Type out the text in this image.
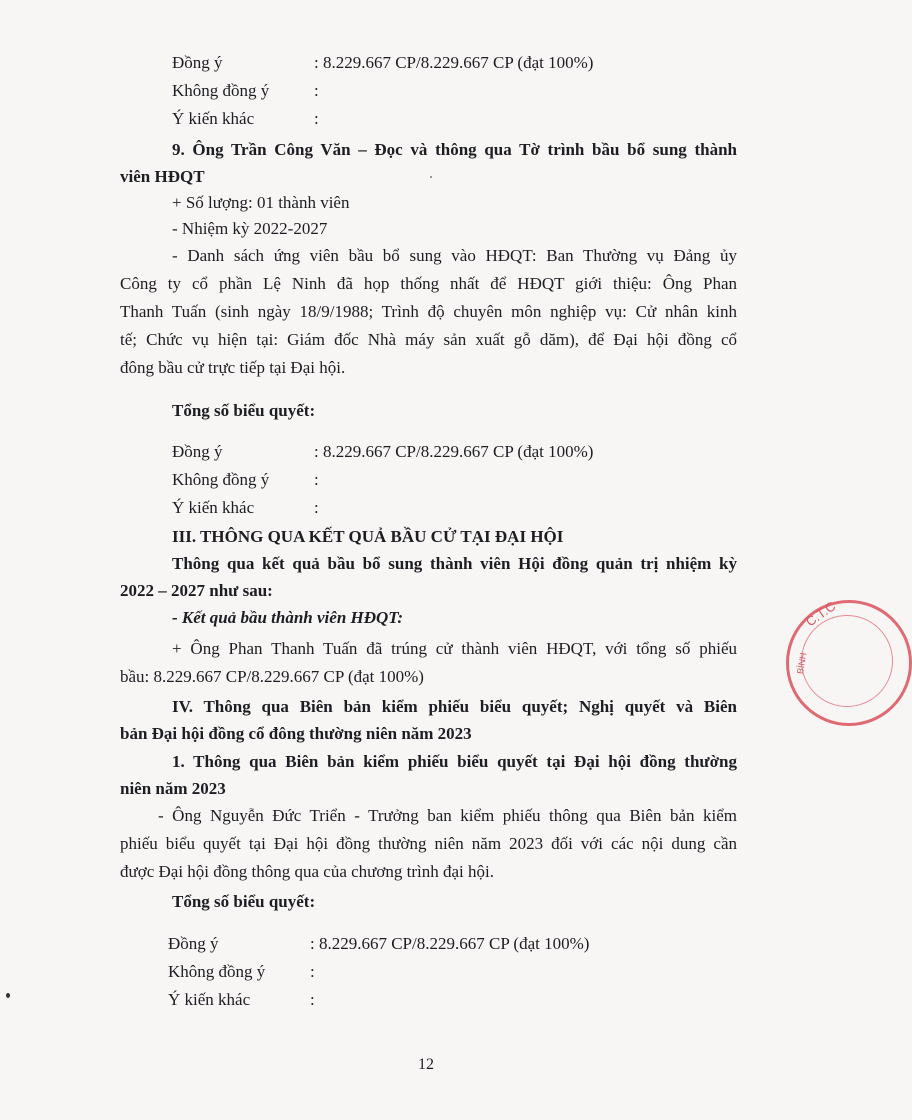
Đồng ý	: 8.229.667 CP/8.229.667 CP (đạt 100%)
Không đồng ý	:
Ý kiến khác	:
9. Ông Trần Công Văn – Đọc và thông qua Tờ trình bầu bổ sung thành
viên HĐQT
+ Số lượng: 01 thành viên
- Nhiệm kỳ 2022-2027
- Danh sách ứng viên bầu bổ sung vào HĐQT: Ban Thường vụ Đảng ủy
Công ty cổ phần Lệ Ninh đã họp thống nhất để HĐQT giới thiệu: Ông Phan
Thanh Tuấn (sinh ngày 18/9/1988; Trình độ chuyên môn nghiệp vụ: Cử nhân kinh
tế; Chức vụ hiện tại: Giám đốc Nhà máy sản xuất gỗ dăm), để Đại hội đồng cổ
đông bầu cử trực tiếp tại Đại hội.
Tổng số biểu quyết:
Đồng ý	: 8.229.667 CP/8.229.667 CP (đạt 100%)
Không đồng ý	:
Ý kiến khác	:
III. THÔNG QUA KẾT QUẢ BẦU CỬ TẠI ĐẠI HỘI
Thông qua kết quả bầu bổ sung thành viên Hội đồng quản trị nhiệm kỳ
2022 – 2027 như sau:
- Kết quả bầu thành viên HĐQT:
+ Ông Phan Thanh Tuấn đã trúng cử thành viên HĐQT, với tổng số phiếu
bầu: 8.229.667 CP/8.229.667 CP (đạt 100%)
IV. Thông qua Biên bản kiểm phiếu biểu quyết; Nghị quyết và Biên
bản Đại hội đồng cổ đông thường niên năm 2023
1. Thông qua Biên bản kiểm phiếu biểu quyết tại Đại hội đồng thường
niên năm 2023
- Ông Nguyễn Đức Triển - Trưởng ban kiểm phiếu thông qua Biên bản kiểm
phiếu biểu quyết tại Đại hội đồng thường niên năm 2023 đối với các nội dung cần
được Đại hội đồng thông qua của chương trình đại hội.
Tổng số biểu quyết:
Đồng ý	: 8.229.667 CP/8.229.667 CP (đạt 100%)
Không đồng ý	:
Ý kiến khác	:
12
C.T.C
BÌNH
